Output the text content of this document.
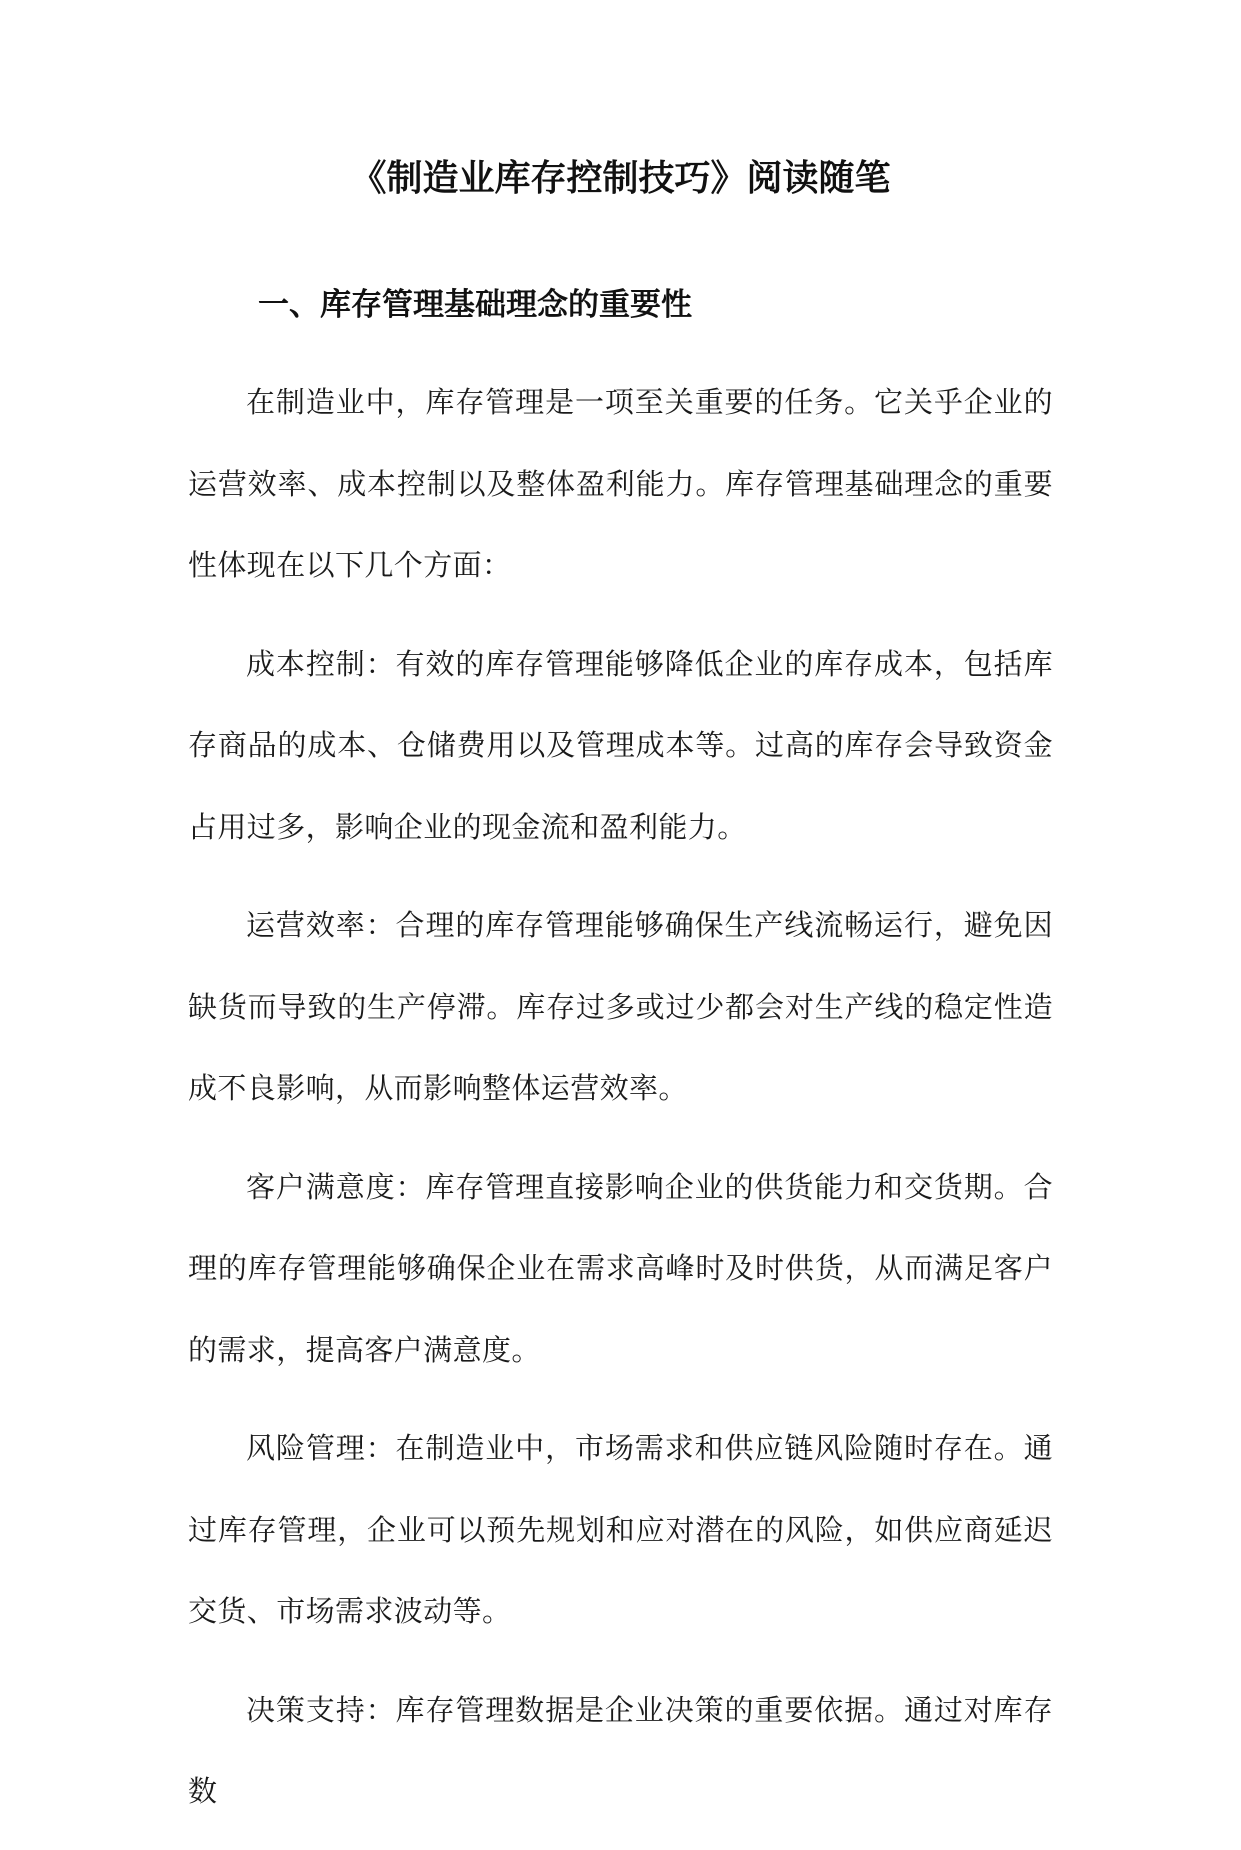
《制造业库存控制技巧》阅读随笔
一、库存管理基础理念的重要性

在制造业中，库存管理是一项至关重要的任务。它关乎企业的运营效率、成本控制以及整体盈利能力。库存管理基础理念的重要性体现在以下几个方面：

成本控制：有效的库存管理能够降低企业的库存成本，包括库存商品的成本、仓储费用以及管理成本等。过高的库存会导致资金占用过多，影响企业的现金流和盈利能力。

运营效率：合理的库存管理能够确保生产线流畅运行，避免因缺货而导致的生产停滞。库存过多或过少都会对生产线的稳定性造成不良影响，从而影响整体运营效率。

客户满意度：库存管理直接影响企业的供货能力和交货期。合理的库存管理能够确保企业在需求高峰时及时供货，从而满足客户的需求，提高客户满意度。

风险管理：在制造业中，市场需求和供应链风险随时存在。通过库存管理，企业可以预先规划和应对潜在的风险，如供应商延迟交货、市场需求波动等。

决策支持：库存管理数据是企业决策的重要依据。通过对库存数
